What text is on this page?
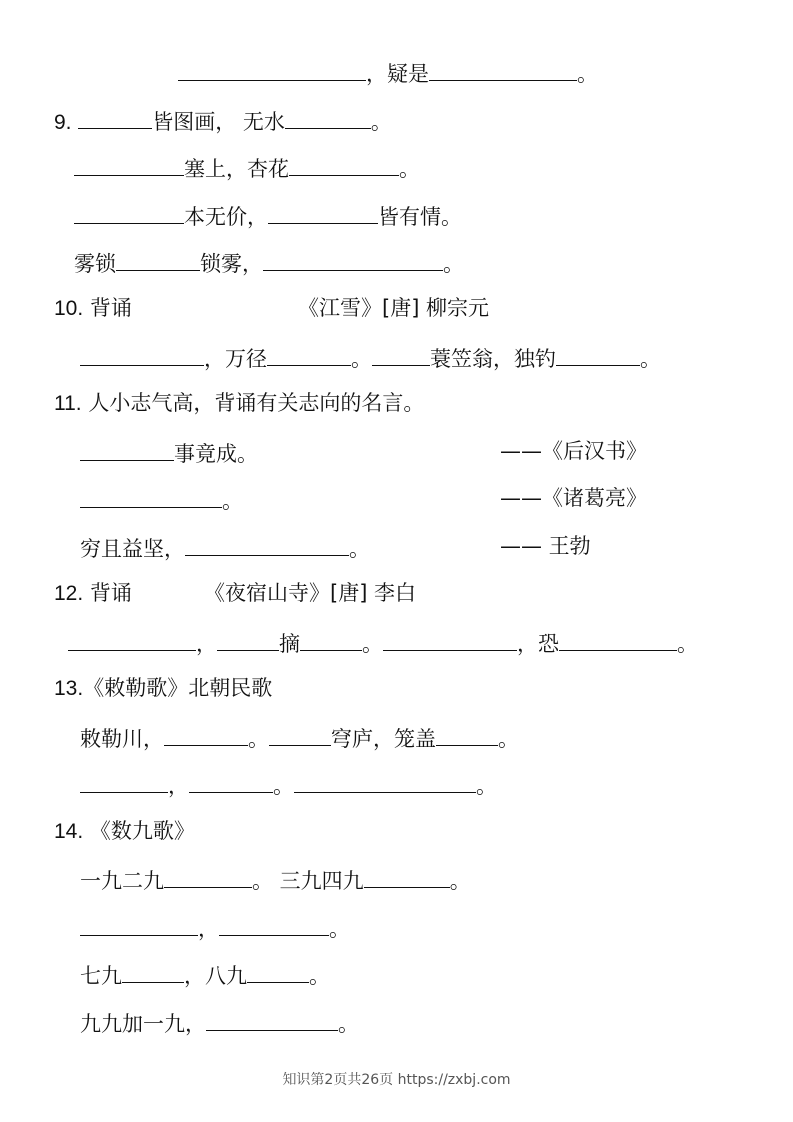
，疑是	。
9.	皆图画， 无水	。
塞上，杏花	。
本无价，	皆有情。
雾锁	锁雾，	。
10. 背诵	《江雪》[唐] 柳宗元
，万径	。	蓑笠翁，独钓	。
11. 人小志气高，背诵有关志向的名言。
事竟成。	——《后汉书》
。	——《诸葛亮》
穷且益坚，	。	—— 王勃
12. 背诵	《夜宿山寺》[唐] 李白
，	摘	。	，恐	。
13.《敕勒歌》北朝民歌
敕勒川，	。	穹庐，笼盖	。
，	。	。
14. 《数九歌》
一九二九	。 三九四九	。
，	。
七九	，八九	。
九九加一九，	。
知识第2页共26页 https://zxbj.com
